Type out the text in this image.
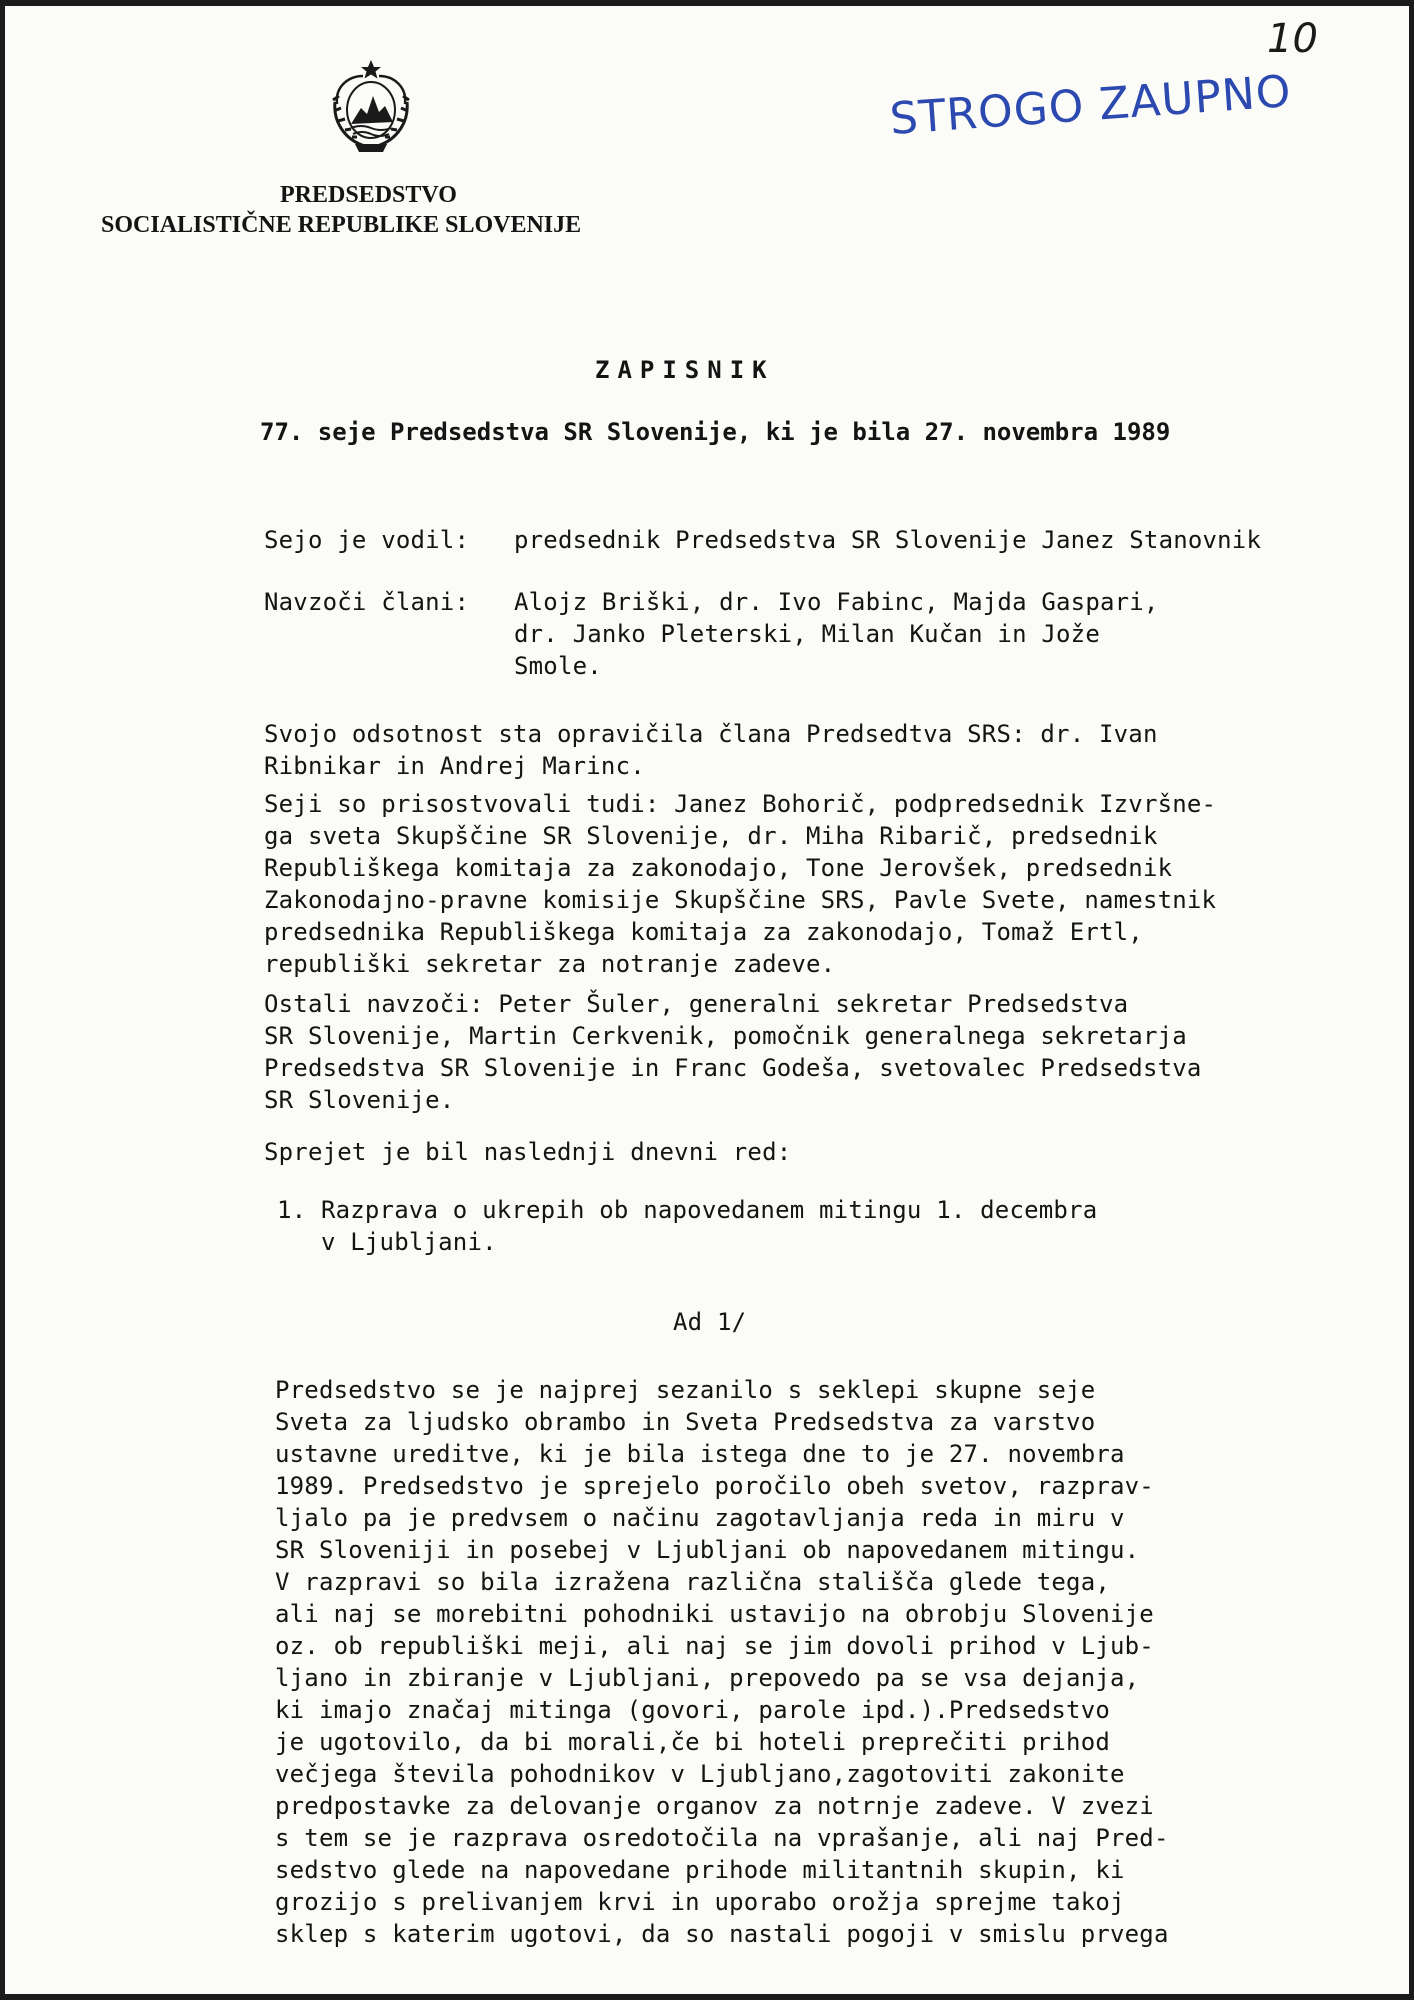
10
STROGO ZAUPNO
PREDSEDSTVO
SOCIALISTIČNE REPUBLIKE SLOVENIJE
ZAPISNIK
77. seje Predsedstva SR Slovenije, ki je bila 27. novembra 1989
Sejo je vodil: predsednik Predsedstva SR Slovenije Janez Stanovnik
Navzoči člani: Alojz Briški, dr. Ivo Fabinc, Majda Gaspari,
dr. Janko Pleterski, Milan Kučan in Jože
Smole.
Svojo odsotnost sta opravičila člana Predsedtva SRS: dr. Ivan
Ribnikar in Andrej Marinc.
Seji so prisostvovali tudi: Janez Bohorič, podpredsednik Izvršne-
ga sveta Skupščine SR Slovenije, dr. Miha Ribarič, predsednik
Republiškega komitaja za zakonodajo, Tone Jerovšek, predsednik
Zakonodajno-pravne komisije Skupščine SRS, Pavle Svete, namestnik
predsednika Republiškega komitaja za zakonodajo, Tomaž Ertl,
republiški sekretar za notranje zadeve.
Ostali navzoči: Peter Šuler, generalni sekretar Predsedstva
SR Slovenije, Martin Cerkvenik, pomočnik generalnega sekretarja
Predsedstva SR Slovenije in Franc Godeša, svetovalec Predsedstva
SR Slovenije.
Sprejet je bil naslednji dnevni red:
1. Razprava o ukrepih ob napovedanem mitingu 1. decembra
v Ljubljani.
Ad 1/
Predsedstvo se je najprej sezanilo s seklepi skupne seje
Sveta za ljudsko obrambo in Sveta Predsedstva za varstvo
ustavne ureditve, ki je bila istega dne to je 27. novembra
1989. Predsedstvo je sprejelo poročilo obeh svetov, razprav-
ljalo pa je predvsem o načinu zagotavljanja reda in miru v
SR Sloveniji in posebej v Ljubljani ob napovedanem mitingu.
V razpravi so bila izražena različna stališča glede tega,
ali naj se morebitni pohodniki ustavijo na obrobju Slovenije
oz. ob republiški meji, ali naj se jim dovoli prihod v Ljub-
ljano in zbiranje v Ljubljani, prepovedo pa se vsa dejanja,
ki imajo značaj mitinga (govori, parole ipd.).Predsedstvo
je ugotovilo, da bi morali,če bi hoteli preprečiti prihod
večjega števila pohodnikov v Ljubljano,zagotoviti zakonite
predpostavke za delovanje organov za notrnje zadeve. V zvezi
s tem se je razprava osredotočila na vprašanje, ali naj Pred-
sedstvo glede na napovedane prihode militantnih skupin, ki
grozijo s prelivanjem krvi in uporabo orožja sprejme takoj
sklep s katerim ugotovi, da so nastali pogoji v smislu prvega
